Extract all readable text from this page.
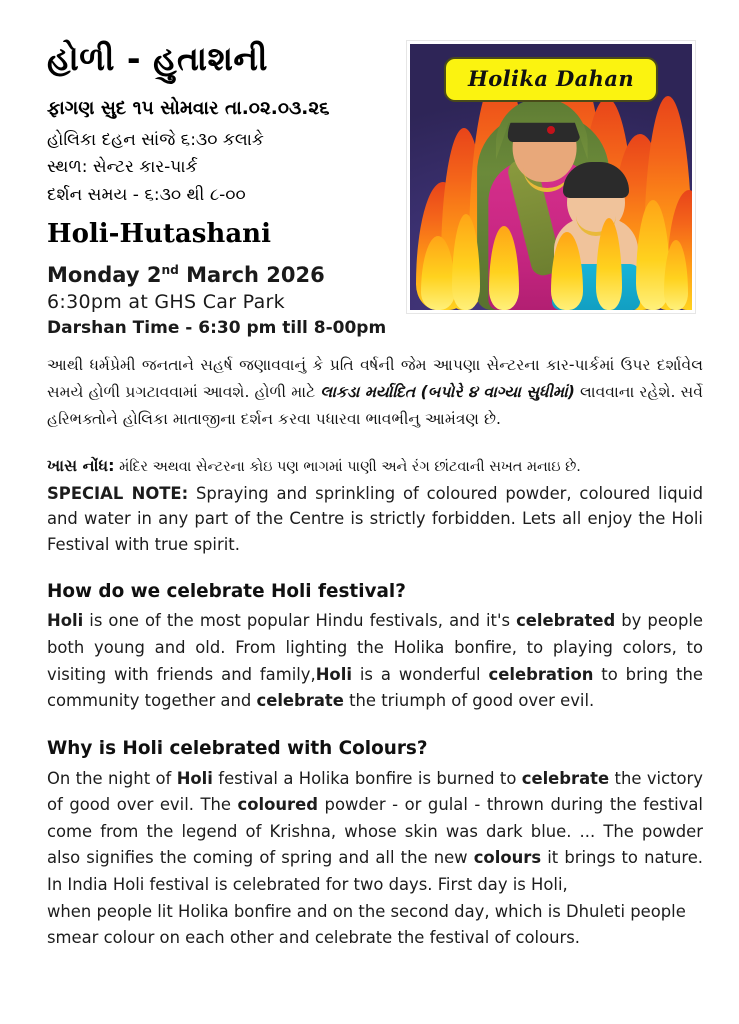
હોળી - હુતાશની

ફાગણ સુદ ૧૫ સોમવાર તા.૦૨.૦૩.૨૬

હોલિકા દહન સાંજે ૬:૩૦ કલાકે

સ્થળ: સેન્ટર કાર-પાર્ક

દર્શન સમય - ૬:૩૦ થી ૮-૦૦

Holi-Hutashani

Monday 2nd March 2026

6:30pm at GHS Car Park

Darshan Time - 6:30 pm till 8-00pm

Holika Dahan

આથી ધર્મપ્રેમી જનતાને સહર્ષ જણાવવાનું કે પ્રતિ વર્ષની જેમ આપણા સેન્ટરના કાર-પાર્કમાં ઉપર દર્શાવેલ સમયે હોળી પ્રગટાવવામાં આવશે. હોળી માટે લાકડા મર્યાદિત (બપોરે ૪ વાગ્યા સુધીમાં) લાવવાના રહેશે. સર્વે હરિભક્તોને હોલિકા માતાજીના દર્શન કરવા પધારવા ભાવભીનુ આમંત્રણ છે.

ખાસ નોંધ: મંદિર અથવા સેન્ટરના કોઇ પણ ભાગમાં પાણી અને રંગ છાંટવાની સખત મનાઇ છે.

SPECIAL NOTE: Spraying and sprinkling of coloured powder, coloured liquid and water in any part of the Centre is strictly forbidden. Lets all enjoy the Holi Festival with true spirit.

How do we celebrate Holi festival?

Holi is one of the most popular Hindu festivals, and it's celebrated by people both young and old. From lighting the Holika bonfire, to playing colors, to visiting with friends and family,Holi is a wonderful celebration to bring the community together and celebrate the triumph of good over evil.

Why is Holi celebrated with Colours?

On the night of Holi festival a Holika bonfire is burned to celebrate the victory of good over evil. The coloured powder - or gulal - thrown during the festival come from the legend of Krishna, whose skin was dark blue. ... The powder also signifies the coming of spring and all the new colours it brings to nature. In India Holi festival is celebrated for two days. First day is Holi,

when people lit Holika bonfire and on the second day, which is Dhuleti people smear colour on each other and celebrate the festival of colours.
